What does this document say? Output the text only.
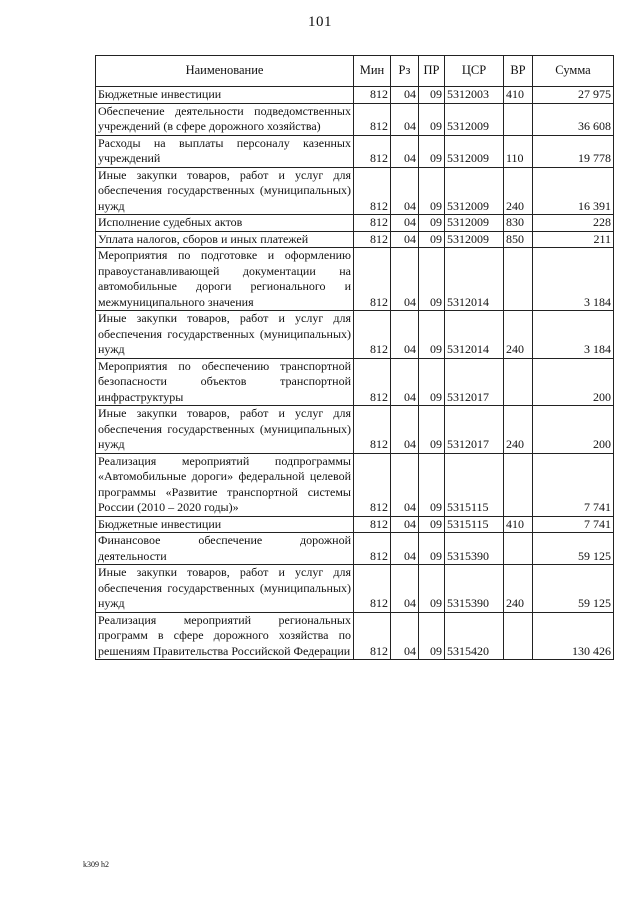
101
Наименование	Мин	Рз	ПР	ЦСР	ВР	Сумма
Бюджетные инвестиции	812	04	09	5312003	410	27 975
Обеспечение деятельности подведомственных учреждений (в сфере дорожного хозяйства)	812	04	09	5312009		36 608
Расходы на выплаты персоналу казенных учреждений	812	04	09	5312009	110	19 778
Иные закупки товаров, работ и услуг для обеспечения государственных (муниципальных) нужд	812	04	09	5312009	240	16 391
Исполнение судебных актов	812	04	09	5312009	830	228
Уплата налогов, сборов и иных платежей	812	04	09	5312009	850	211
Мероприятия по подготовке и оформлению правоустанавливающей документации на автомобильные дороги регионального и межмуниципального значения	812	04	09	5312014		3 184
Иные закупки товаров, работ и услуг для обеспечения государственных (муниципальных) нужд	812	04	09	5312014	240	3 184
Мероприятия по обеспечению транспортной безопасности объектов транспортной инфраструктуры	812	04	09	5312017		200
Иные закупки товаров, работ и услуг для обеспечения государственных (муниципальных) нужд	812	04	09	5312017	240	200
Реализация мероприятий подпрограммы «Автомобильные дороги» федеральной целевой программы «Развитие транспортной системы России (2010 – 2020 годы)»	812	04	09	5315115		7 741
Бюджетные инвестиции	812	04	09	5315115	410	7 741
Финансовое обеспечение дорожной деятельности	812	04	09	5315390		59 125
Иные закупки товаров, работ и услуг для обеспечения государственных (муниципальных) нужд	812	04	09	5315390	240	59 125
Реализация мероприятий региональных программ в сфере дорожного хозяйства по решениям Правительства Российской Федерации	812	04	09	5315420		130 426
k309 h2
